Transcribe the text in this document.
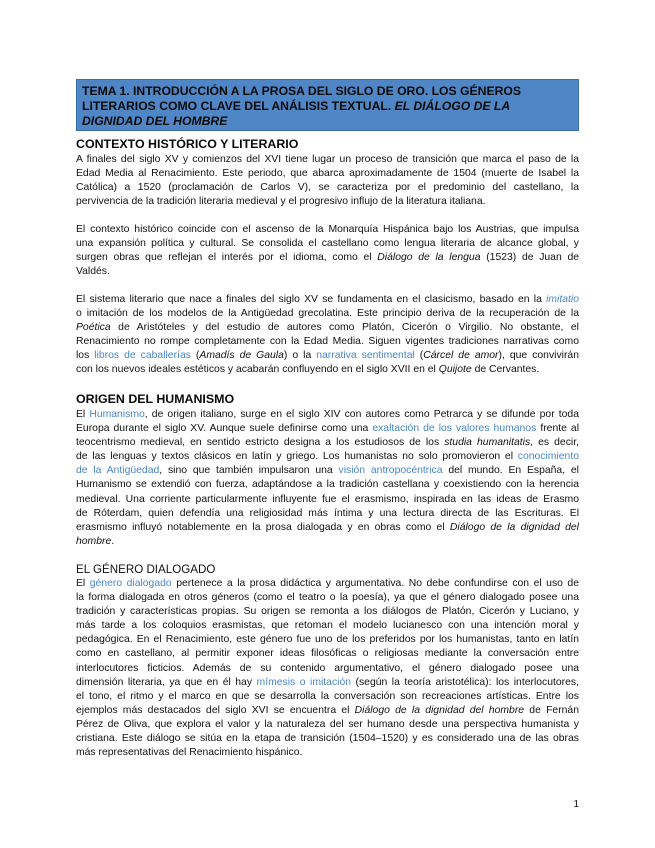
TEMA 1. INTRODUCCIÓN A LA PROSA DEL SIGLO DE ORO. LOS GÉNEROS
LITERARIOS COMO CLAVE DEL ANÁLISIS TEXTUAL. EL DIÁLOGO DE LA
DIGNIDAD DEL HOMBRE
CONTEXTO HISTÓRICO Y LITERARIO
A finales del siglo XV y comienzos del XVI tiene lugar un proceso de transición que marca el paso de la
Edad Media al Renacimiento. Este periodo, que abarca aproximadamente de 1504 (muerte de Isabel la
Católica) a 1520 (proclamación de Carlos V), se caracteriza por el predominio del castellano, la
pervivencia de la tradición literaria medieval y el progresivo influjo de la literatura italiana.
El contexto histórico coincide con el ascenso de la Monarquía Hispánica bajo los Austrias, que impulsa
una expansión política y cultural. Se consolida el castellano como lengua literaria de alcance global, y
surgen obras que reflejan el interés por el idioma, como el Diálogo de la lengua (1523) de Juan de
Valdés.
El sistema literario que nace a finales del siglo XV se fundamenta en el clasicismo, basado en la imitatio
o imitación de los modelos de la Antigüedad grecolatina. Este principio deriva de la recuperación de la
Poética de Aristóteles y del estudio de autores como Platón, Cicerón o Virgilio. No obstante, el
Renacimiento no rompe completamente con la Edad Media. Siguen vigentes tradiciones narrativas como
los libros de caballerías (Amadís de Gaula) o la narrativa sentimental (Cárcel de amor), que convivirán
con los nuevos ideales estéticos y acabarán confluyendo en el siglo XVII en el Quijote de Cervantes.
ORIGEN DEL HUMANISMO
El Humanismo, de origen italiano, surge en el siglo XIV con autores como Petrarca y se difunde por toda
Europa durante el siglo XV. Aunque suele definirse como una exaltación de los valores humanos frente al
teocentrismo medieval, en sentido estricto designa a los estudiosos de los studia humanitatis, es decir,
de las lenguas y textos clásicos en latín y griego. Los humanistas no solo promovieron el conocimiento
de la Antigüedad, sino que también impulsaron una visión antropocéntrica del mundo. En España, el
Humanismo se extendió con fuerza, adaptándose a la tradición castellana y coexistiendo con la herencia
medieval. Una corriente particularmente influyente fue el erasmismo, inspirada en las ideas de Erasmo
de Róterdam, quien defendía una religiosidad más íntima y una lectura directa de las Escrituras. El
erasmismo influyó notablemente en la prosa dialogada y en obras como el Diálogo de la dignidad del
hombre.
EL GÉNERO DIALOGADO
El género dialogado pertenece a la prosa didáctica y argumentativa. No debe confundirse con el uso de
la forma dialogada en otros géneros (como el teatro o la poesía), ya que el género dialogado posee una
tradición y características propias. Su origen se remonta a los diálogos de Platón, Cicerón y Luciano, y
más tarde a los coloquios erasmistas, que retoman el modelo lucianesco con una intención moral y
pedagógica. En el Renacimiento, este género fue uno de los preferidos por los humanistas, tanto en latín
como en castellano, al permitir exponer ideas filosóficas o religiosas mediante la conversación entre
interlocutores ficticios. Además de su contenido argumentativo, el género dialogado posee una
dimensión literaria, ya que en él hay mímesis o imitación (según la teoría aristotélica): los interlocutores,
el tono, el ritmo y el marco en que se desarrolla la conversación son recreaciones artísticas. Entre los
ejemplos más destacados del siglo XVI se encuentra el Diálogo de la dignidad del hombre de Fernán
Pérez de Oliva, que explora el valor y la naturaleza del ser humano desde una perspectiva humanista y
cristiana. Este diálogo se sitúa en la etapa de transición (1504–1520) y es considerado una de las obras
más representativas del Renacimiento hispánico.
1
